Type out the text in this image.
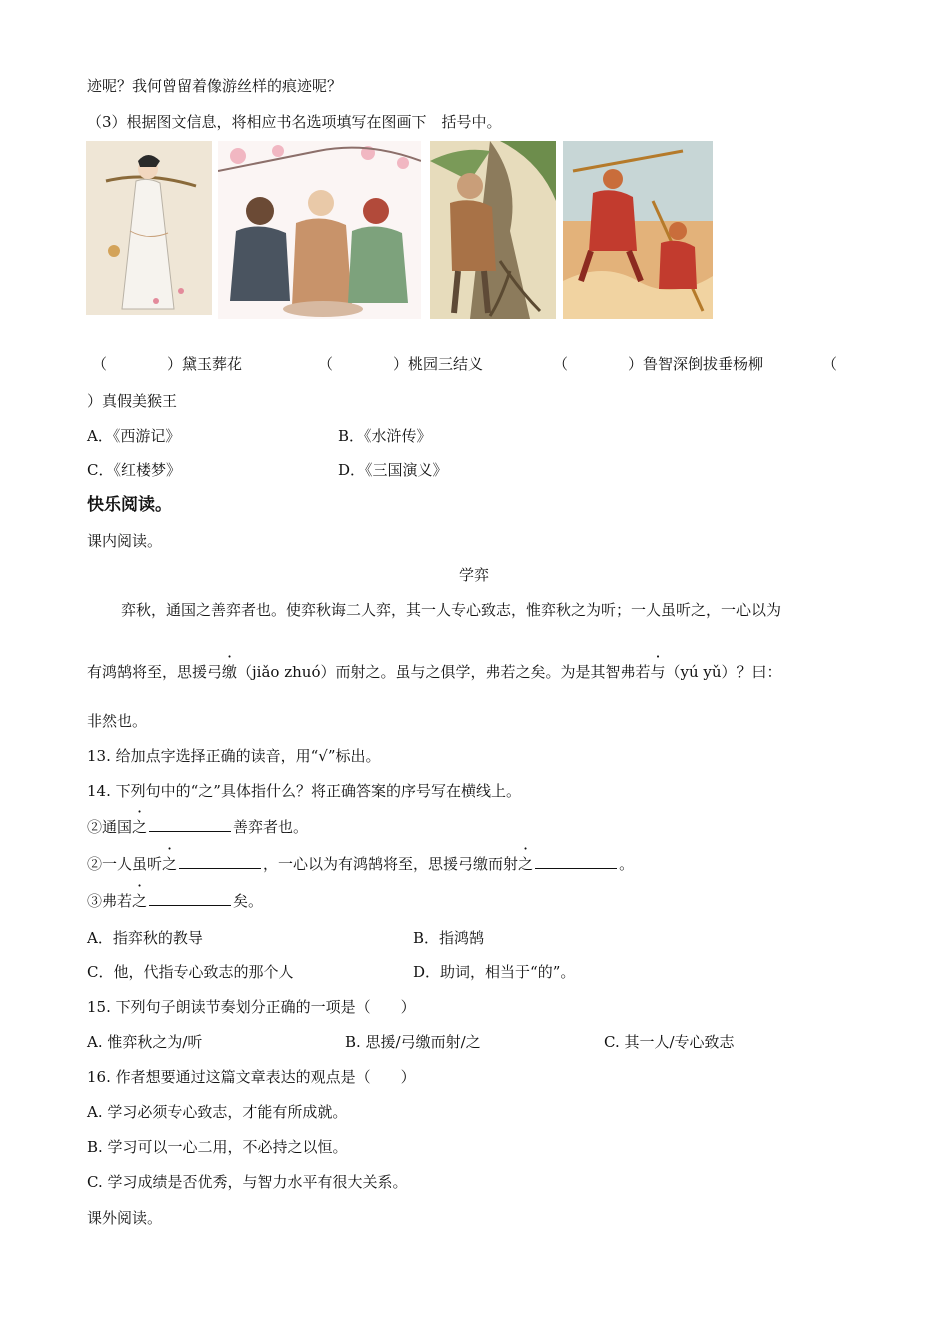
迹呢？我何曾留着像游丝样的痕迹呢？
（3）根据图文信息，将相应书名选项填写在图画下　括号中。
（	）黛玉葬花	（	）桃园三结义	（	）鲁智深倒拔垂杨柳	（
）真假美猴王
A．《西游记》	B．《水浒传》
C．《红楼梦》	D．《三国演义》
快乐阅读。
课内阅读。
学弈
弈秋，通国之善弈者也。使弈秋诲二人弈，其一人专心致志，惟弈秋之为听；一人虽听之，一心以为
有鸿鹄将至，思援弓缴（jiǎo zhuó）而射之。虽与之俱学，弗若之矣。为是其智弗若与（yú yǔ）？曰：
非然也。
13. 给加点字选择正确的读音，用“√”标出。
14. 下列句中的“之”具体指什么？将正确答案的序号写在横线上。
②通国之	善弈者也。
②一人虽听之	，一心以为有鸿鹄将至，思援弓缴而射之	。
③弗若之	矣。
A．指弈秋的教导	B．指鸿鹄
C．他，代指专心致志的那个人	D．助词，相当于“的”。
15. 下列句子朗读节奏划分正确的一项是（　　）
A. 惟弈秋之为/听	B. 思援/弓缴而射/之	C. 其一人/专心致志
16. 作者想要通过这篇文章表达的观点是（　　）
A. 学习必须专心致志，才能有所成就。
B. 学习可以一心二用，不必持之以恒。
C. 学习成绩是否优秀，与智力水平有很大关系。
课外阅读。
